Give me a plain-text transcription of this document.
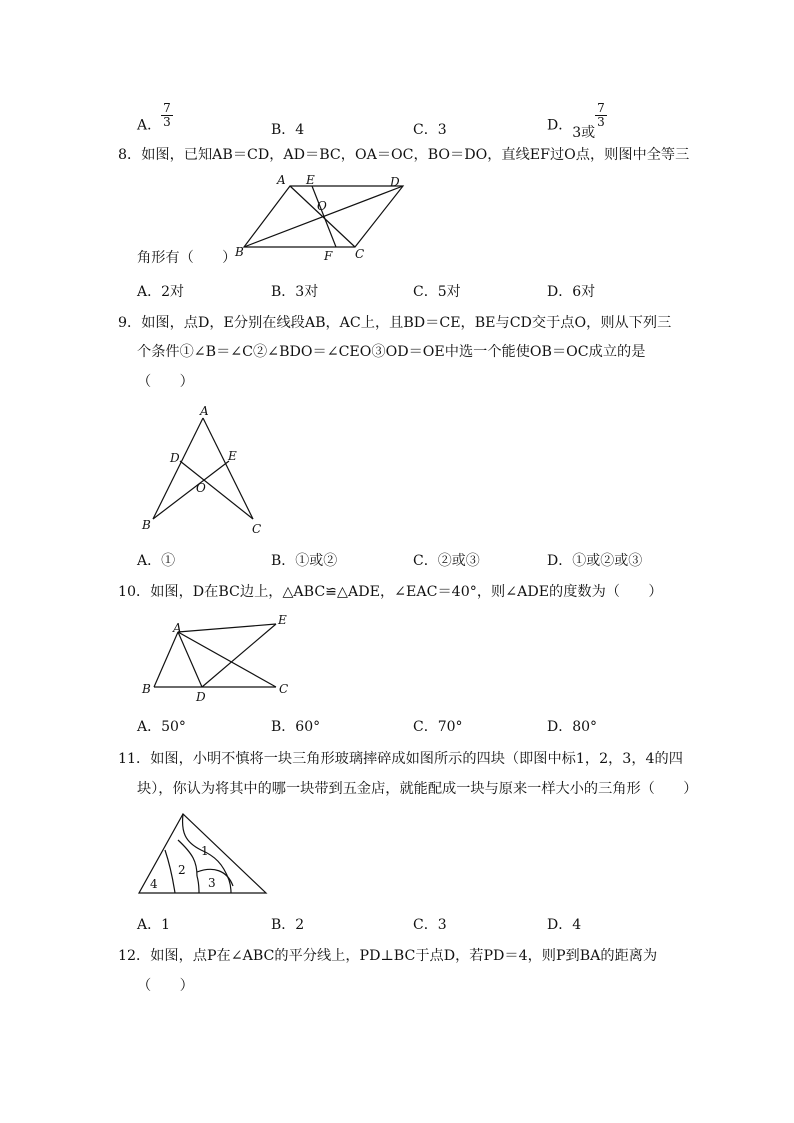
A． $\frac{7}{3}$
B．4	C．3	D．3或
$\frac{7}{3}$
8．如图，已知AB＝CD，AD＝BC，OA＝OC，BO＝DO，直线EF过O点，则图中全等三
A E	D
O
B	F C
角形有（　　）
A．2对	B．3对	C．5对	D．6对
9．如图，点D，E分别在线段AB，AC上，且BD＝CE，BE与CD交于点O，则从下列三
个条件①∠B＝∠C②∠BDO＝∠CEO③OD＝OE中选一个能使OB＝OC成立的是
（　　）
A
D	E
O
B	C
A．①	B．①或②	C．②或③	D．①或②或③
10．如图，D在BC边上，△ABC≌△ADE，∠EAC＝40°，则∠ADE的度数为（　　）
A
E
B
D
C
A．50°	B．60°	C．70°	D．80°
11．如图，小明不慎将一块三角形玻璃摔碎成如图所示的四块（即图中标1，2，3，4的四
块），你认为将其中的哪一块带到五金店，就能配成一块与原来一样大小的三角形（　　）
1
2
3
4
A．1	B．2	C．3	D．4
12．如图，点P在∠ABC的平分线上，PD⊥BC于点D，若PD＝4，则P到BA的距离为
（　　）
